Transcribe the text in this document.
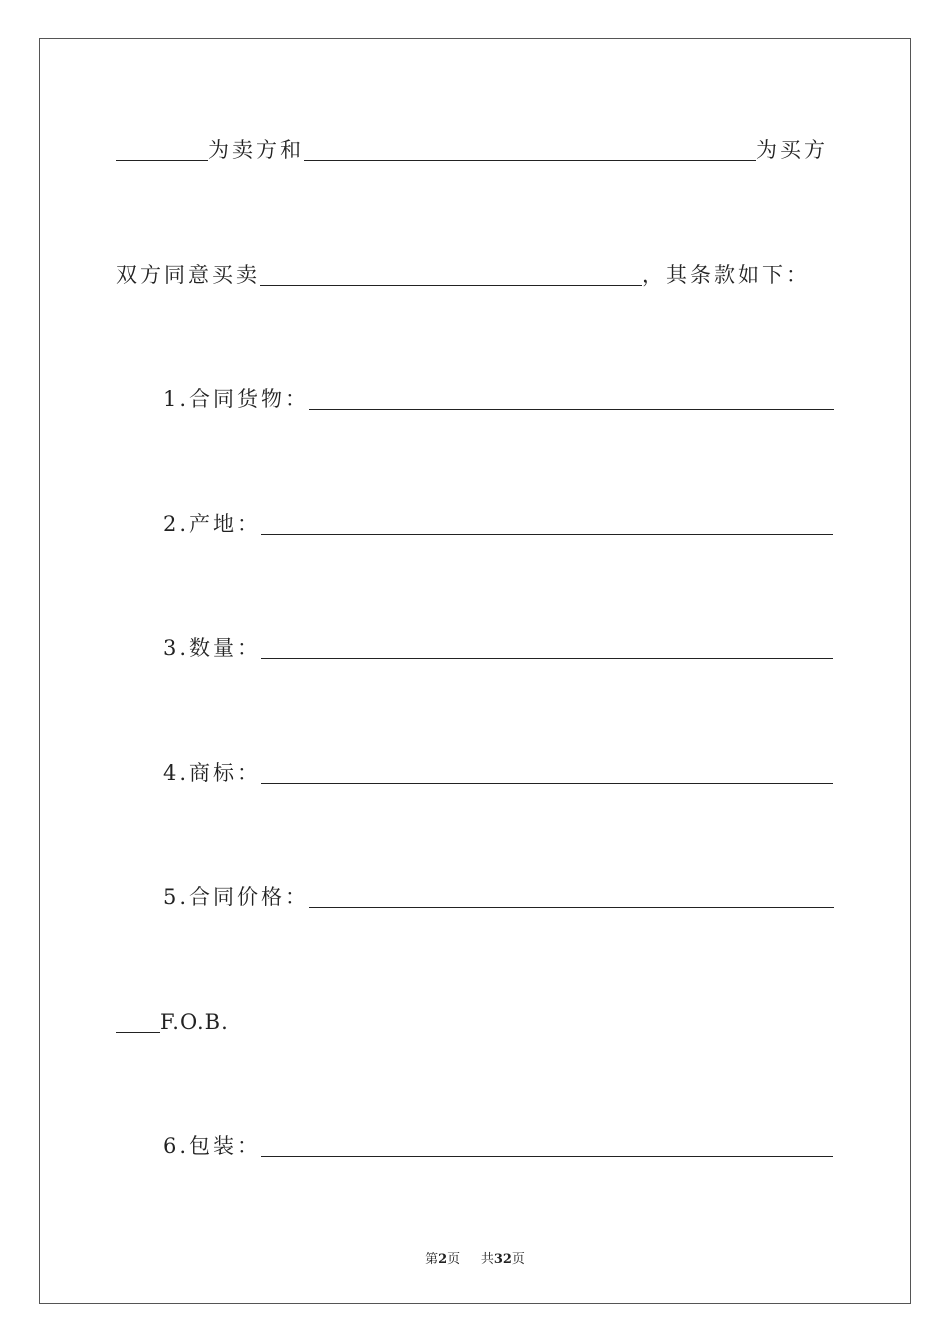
为卖方和	为买方
双方同意买卖	，其条款如下：
1.合同货物：
2.产地：
3.数量：
4.商标：
5.合同价格：
F.O.B.
6.包装：
第2页 共32页
